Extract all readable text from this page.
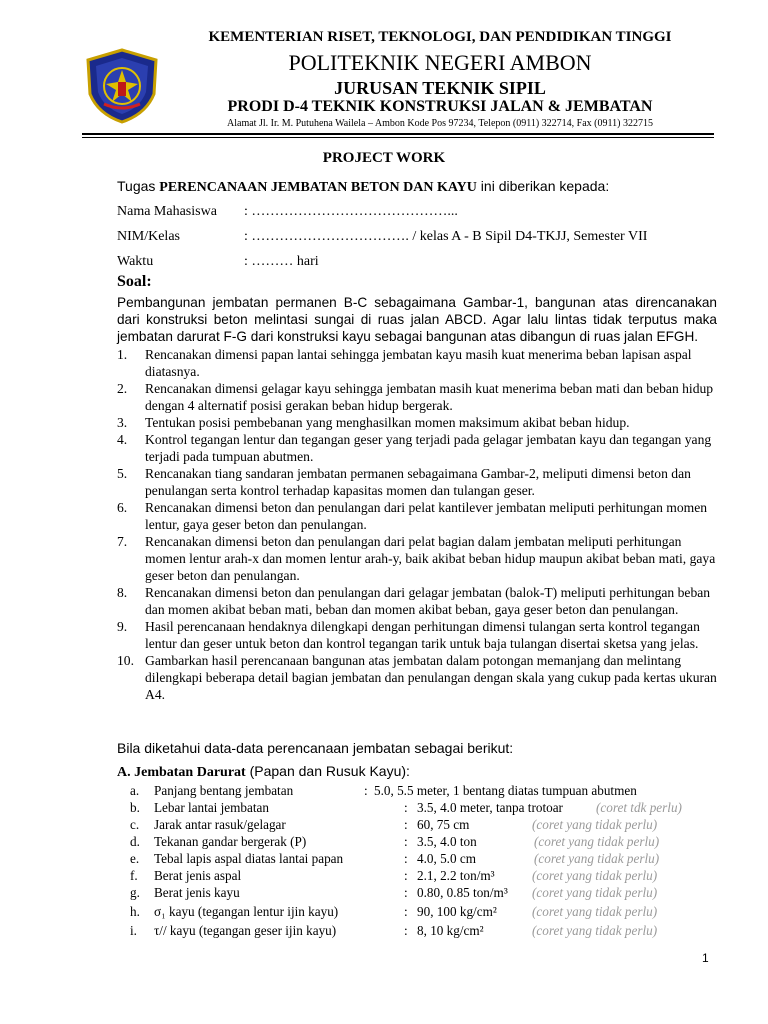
KEMENTERIAN RISET, TEKNOLOGI, DAN PENDIDIKAN TINGGI
POLITEKNIK NEGERI AMBON
JURUSAN TEKNIK SIPIL
PRODI D-4 TEKNIK KONSTRUKSI JALAN & JEMBATAN
Alamat Jl. Ir. M. Putuhena Wailela – Ambon Kode Pos 97234, Telepon (0911) 322714, Fax (0911) 322715
PROJECT WORK
Tugas PERENCANAAN JEMBATAN BETON DAN KAYU ini diberikan kepada:
Nama Mahasiswa : ……………………………………...
NIM/Kelas	: ……………………………. / kelas A - B Sipil D4-TKJJ, Semester VII
Waktu	: ……… hari
Soal:
Pembangunan jembatan permanen B-C sebagaimana Gambar-1, bangunan atas direncanakan dari konstruksi beton melintasi sungai di ruas jalan ABCD. Agar lalu lintas tidak terputus maka jembatan darurat F-G dari konstruksi kayu sebagai bangunan atas dibangun di ruas jalan EFGH.
1. Rencanakan dimensi papan lantai sehingga jembatan kayu masih kuat menerima beban lapisan aspal diatasnya.
2. Rencanakan dimensi gelagar kayu sehingga jembatan masih kuat menerima beban mati dan beban hidup dengan 4 alternatif posisi gerakan beban hidup bergerak.
3. Tentukan posisi pembebanan yang menghasilkan momen maksimum akibat beban hidup.
4. Kontrol tegangan lentur dan tegangan geser yang terjadi pada gelagar jembatan kayu dan tegangan yang terjadi pada tumpuan abutmen.
5. Rencanakan tiang sandaran jembatan permanen sebagaimana Gambar-2, meliputi dimensi beton dan penulangan serta kontrol terhadap kapasitas momen dan tulangan geser.
6. Rencanakan dimensi beton dan penulangan dari pelat kantilever jembatan meliputi perhitungan momen lentur, gaya geser beton dan penulangan.
7. Rencanakan dimensi beton dan penulangan dari pelat bagian dalam jembatan meliputi perhitungan momen lentur arah-x dan momen lentur arah-y, baik akibat beban hidup maupun akibat beban mati, gaya geser beton dan penulangan.
8. Rencanakan dimensi beton dan penulangan dari gelagar jembatan (balok-T) meliputi perhitungan beban dan momen akibat beban mati, beban dan momen akibat beban, gaya geser beton dan penulangan.
9. Hasil perencanaan hendaknya dilengkapi dengan perhitungan dimensi tulangan serta kontrol tegangan lentur dan geser untuk beton dan kontrol tegangan tarik untuk baja tulangan disertai sketsa yang jelas.
10. Gambarkan hasil perencanaan bangunan atas jembatan dalam potongan memanjang dan melintang dilengkapi beberapa detail bagian jembatan dan penulangan dengan skala yang cukup pada kertas ukuran A4.
Bila diketahui data-data perencanaan jembatan sebagai berikut:
A. Jembatan Darurat (Papan dan Rusuk Kayu):
a. Panjang bentang jembatan	: 5.0, 5.5 meter, 1 bentang diatas tumpuan abutmen
b. Lebar lantai jembatan	: 3.5, 4.0 meter, tanpa trotoar	(coret tdk perlu)
c. Jarak antar rasuk/gelagar	: 60, 75 cm	(coret yang tidak perlu)
d. Tekanan gandar bergerak (P)	: 3.5, 4.0 ton	(coret yang tidak perlu)
e. Tebal lapis aspal diatas lantai papan	: 4.0, 5.0 cm	(coret yang tidak perlu)
f. Berat jenis aspal	: 2.1, 2.2 ton/m³	(coret yang tidak perlu)
g. Berat jenis kayu	: 0.80, 0.85 ton/m³ (coret yang tidak perlu)
h. σ₁ kayu (tegangan lentur ijin kayu)	: 90, 100 kg/cm²	(coret yang tidak perlu)
i. τ// kayu (tegangan geser ijin kayu)	: 8, 10 kg/cm²	(coret yang tidak perlu)
1
